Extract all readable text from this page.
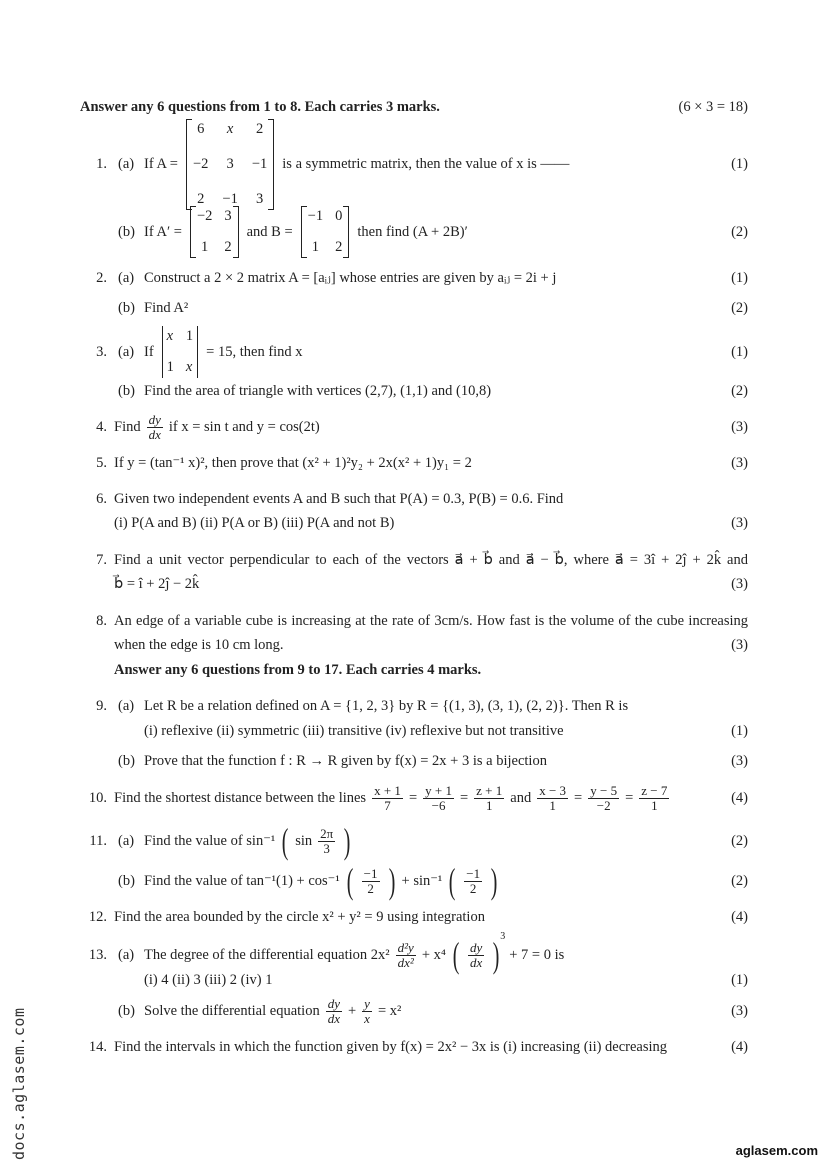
Answer any 6 questions from 1 to 8. Each carries 3 marks.	(6 × 3 = 18)
1. (a) If A =
6	x	2
−2 3 −1
2 −1 3
is a symmetric matrix, then the value of x is ——	(1)
(b) If A′ =
−2 3
1 2
and B =
−1 0
1 2
then find (A + 2B)′	(2)
2. (a) Construct a 2 × 2 matrix A = [aᵢⱼ] whose entries are given by aᵢⱼ = 2i + j	(1)
(b) Find A²	(2)
3. (a) If
x 1
1 x
= 15, then find x	(1)
(b) Find the area of triangle with vertices (2,7), (1,1) and (10,8)	(2)
4. Find $\frac{dy}{dx}$ if x = sin t and y = cos(2t)	(3)
5. If y = (tan⁻¹ x)², then prove that (x² + 1)²y₂ + 2x(x² + 1)y₁ = 2	(3)
6. Given two independent events A and B such that P(A) = 0.3, P(B) = 0.6. Find
(i) P(A and B) (ii) P(A or B) (iii) P(A and not B)	(3)
7. Find a unit vector perpendicular to each of the vectors a⃗ + b⃗ and a⃗ − b⃗, where a⃗ = 3î + 2ĵ + 2k̂ and
b⃗ = î + 2ĵ − 2k̂	(3)
8. An edge of a variable cube is increasing at the rate of 3cm/s. How fast is the volume of the cube increasing
when the edge is 10 cm long.	(3)
Answer any 6 questions from 9 to 17. Each carries 4 marks.
9. (a) Let R be a relation defined on A = {1, 2, 3} by R = {(1, 3), (3, 1), (2, 2)}. Then R is
(i) reflexive (ii) symmetric (iii) transitive (iv) reflexive but not transitive	(1)
(b) Prove that the function f : R → R given by f(x) = 2x + 3 is a bijection	(3)
10. Find the shortest distance between the lines $\frac{x + 1}{7} = \frac{y + 1}{-6} = \frac{z + 1}{1}$ and $\frac{x - 3}{1} = \frac{y - 5}{-2} = \frac{z - 7}{1}$	(4)
11. (a) Find the value of sin⁻¹ ( $\sin \frac{2\pi}{3}$ )	(2)
(b) Find the value of tan⁻¹(1) + cos⁻¹ ( $\frac{-1}{2}$ ) + sin⁻¹ ( $\frac{-1}{2}$ )	(2)
12. Find the area bounded by the circle x² + y² = 9 using integration	(4)
13. (a) The degree of the differential equation $2x^2 \frac{\text{d²y}}{\text{dx²}} + x^4$ ( $\frac{dy}{dx}$ ) 3
+ 7 = 0 is
(i) 4 (ii) 3 (iii) 2 (iv) 1	(1)
(b) Solve the differential equation $\frac{dy}{dx} + \frac{y}{x} = x^2$	(3)
14. Find the intervals in which the function given by f(x) = 2x² − 3x is (i) increasing (ii) decreasing	(4)
docs.aglasem.com	aglasem.com
